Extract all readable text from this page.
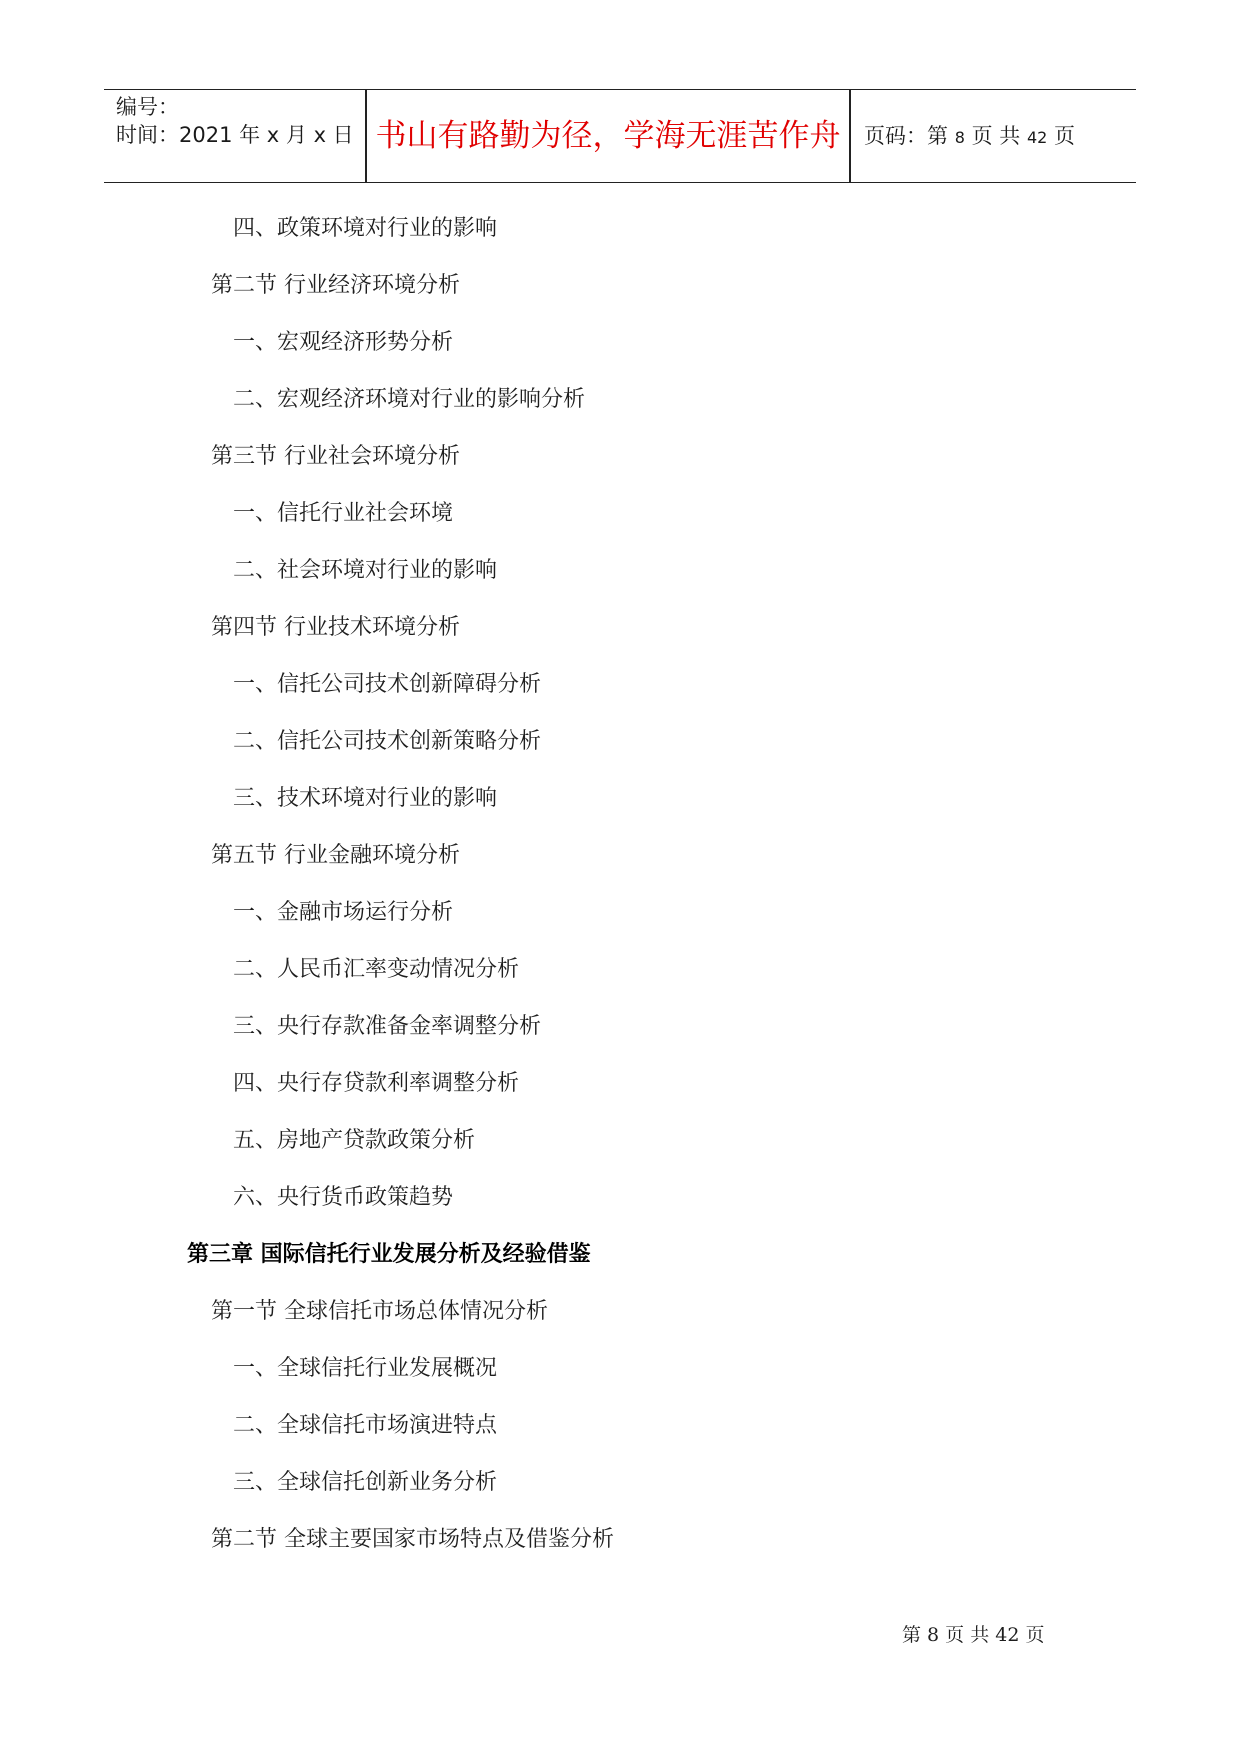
编号：
时间：2021 年 x 月 x 日 书山有路勤为径，学海无涯苦作舟	页码：第 8 页 共 42 页
四、政策环境对行业的影响
第二节 行业经济环境分析
一、宏观经济形势分析
二、宏观经济环境对行业的影响分析
第三节 行业社会环境分析
一、信托行业社会环境
二、社会环境对行业的影响
第四节 行业技术环境分析
一、信托公司技术创新障碍分析
二、信托公司技术创新策略分析
三、技术环境对行业的影响
第五节 行业金融环境分析
一、金融市场运行分析
二、人民币汇率变动情况分析
三、央行存款准备金率调整分析
四、央行存贷款利率调整分析
五、房地产贷款政策分析
六、央行货币政策趋势
第三章 国际信托行业发展分析及经验借鉴
第一节 全球信托市场总体情况分析
一、全球信托行业发展概况
二、全球信托市场演进特点
三、全球信托创新业务分析
第二节 全球主要国家市场特点及借鉴分析
第 8 页 共 42 页
